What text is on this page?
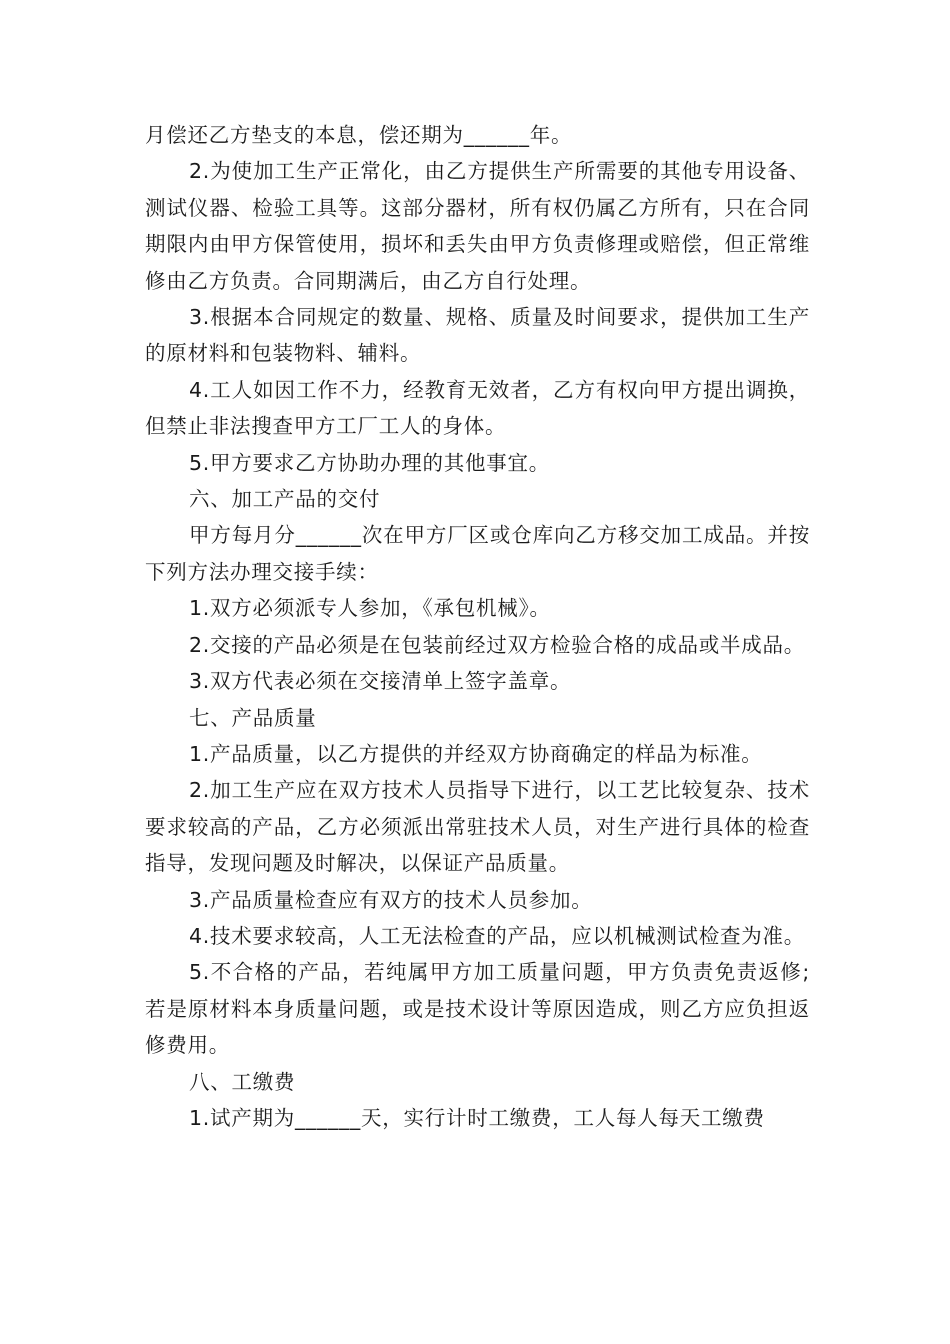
月偿还乙方垫支的本息，偿还期为______年。

2.为使加工生产正常化，由乙方提供生产所需要的其他专用设备、测试仪器、检验工具等。这部分器材，所有权仍属乙方所有，只在合同期限内由甲方保管使用，损坏和丢失由甲方负责修理或赔偿，但正常维修由乙方负责。合同期满后，由乙方自行处理。

3.根据本合同规定的数量、规格、质量及时间要求，提供加工生产的原材料和包装物料、辅料。

4.工人如因工作不力，经教育无效者，乙方有权向甲方提出调换，但禁止非法搜查甲方工厂工人的身体。

5.甲方要求乙方协助办理的其他事宜。

六、加工产品的交付

甲方每月分______次在甲方厂区或仓库向乙方移交加工成品。并按下列方法办理交接手续：

1.双方必须派专人参加，《承包机械》。

2.交接的产品必须是在包装前经过双方检验合格的成品或半成品。

3.双方代表必须在交接清单上签字盖章。

七、产品质量

1.产品质量，以乙方提供的并经双方协商确定的样品为标准。

2.加工生产应在双方技术人员指导下进行，以工艺比较复杂、技术要求较高的产品，乙方必须派出常驻技术人员，对生产进行具体的检查指导，发现问题及时解决，以保证产品质量。

3.产品质量检查应有双方的技术人员参加。

4.技术要求较高，人工无法检查的产品，应以机械测试检查为准。

5.不合格的产品，若纯属甲方加工质量问题，甲方负责免责返修;若是原材料本身质量问题，或是技术设计等原因造成，则乙方应负担返修费用。

八、工缴费

1.试产期为______天，实行计时工缴费，工人每人每天工缴费
